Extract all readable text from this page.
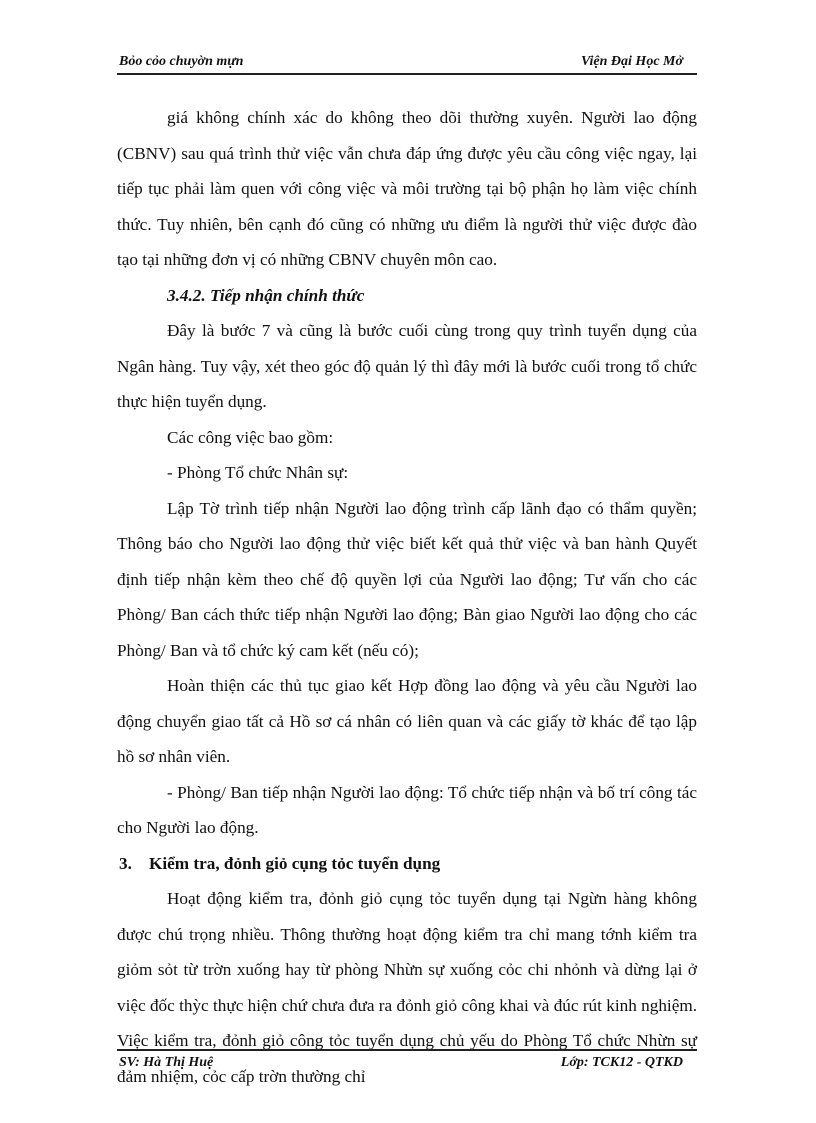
Bỏo cỏo chuyờn mựn	Viện Đại Học Mở

giá không chính xác do không theo dõi thường xuyên. Người lao động (CBNV) sau quá trình thử việc vẫn chưa đáp ứng được yêu cầu công việc ngay, lại tiếp tục phải làm quen với công việc và môi trường tại bộ phận họ làm việc chính thức. Tuy nhiên, bên cạnh đó cũng có những ưu điểm là người thử việc được đào tạo tại những đơn vị có những CBNV chuyên môn cao.

3.4.2. Tiếp nhận chính thức

Đây là bước 7 và cũng là bước cuối cùng trong quy trình tuyển dụng của Ngân hàng. Tuy vậy, xét theo góc độ quản lý thì đây mới là bước cuối trong tổ chức thực hiện tuyển dụng.

Các công việc bao gồm:

- Phòng Tổ chức Nhân sự:

Lập Tờ trình tiếp nhận Người lao động trình cấp lãnh đạo có thẩm quyền; Thông báo cho Người lao động thử việc biết kết quả thử việc và ban hành Quyết định tiếp nhận kèm theo chế độ quyền lợi của Người lao động; Tư vấn cho các Phòng/ Ban cách thức tiếp nhận Người lao động; Bàn giao Người lao động cho các Phòng/ Ban và tổ chức ký cam kết (nếu có);

Hoàn thiện các thủ tục giao kết Hợp đồng lao động và yêu cầu Người lao động chuyển giao tất cả Hồ sơ cá nhân có liên quan và các giấy tờ khác để tạo lập hồ sơ nhân viên.

- Phòng/ Ban tiếp nhận Người lao động: Tổ chức tiếp nhận và bố trí công tác cho Người lao động.

3. Kiểm tra, đỏnh giỏ cụng tỏc tuyển dụng

Hoạt động kiểm tra, đỏnh giỏ cụng tỏc tuyển dụng tại Ngừn hàng không được chú trọng nhiều. Thông thường hoạt động kiểm tra chỉ mang tớnh kiểm tra giỏm sỏt từ trờn xuống hay từ phòng Nhừn sự xuống cỏc chi nhỏnh và dừng lại ở việc đốc thỳc thực hiện chứ chưa đưa ra đỏnh giỏ công khai và đúc rút kinh nghiệm. Việc kiểm tra, đỏnh giỏ công tỏc tuyển dụng chủ yếu do Phòng Tổ chức Nhừn sự đảm nhiệm, cỏc cấp trờn thường chỉ

SV: Hà Thị Huệ	Lớp: TCK12 - QTKD
